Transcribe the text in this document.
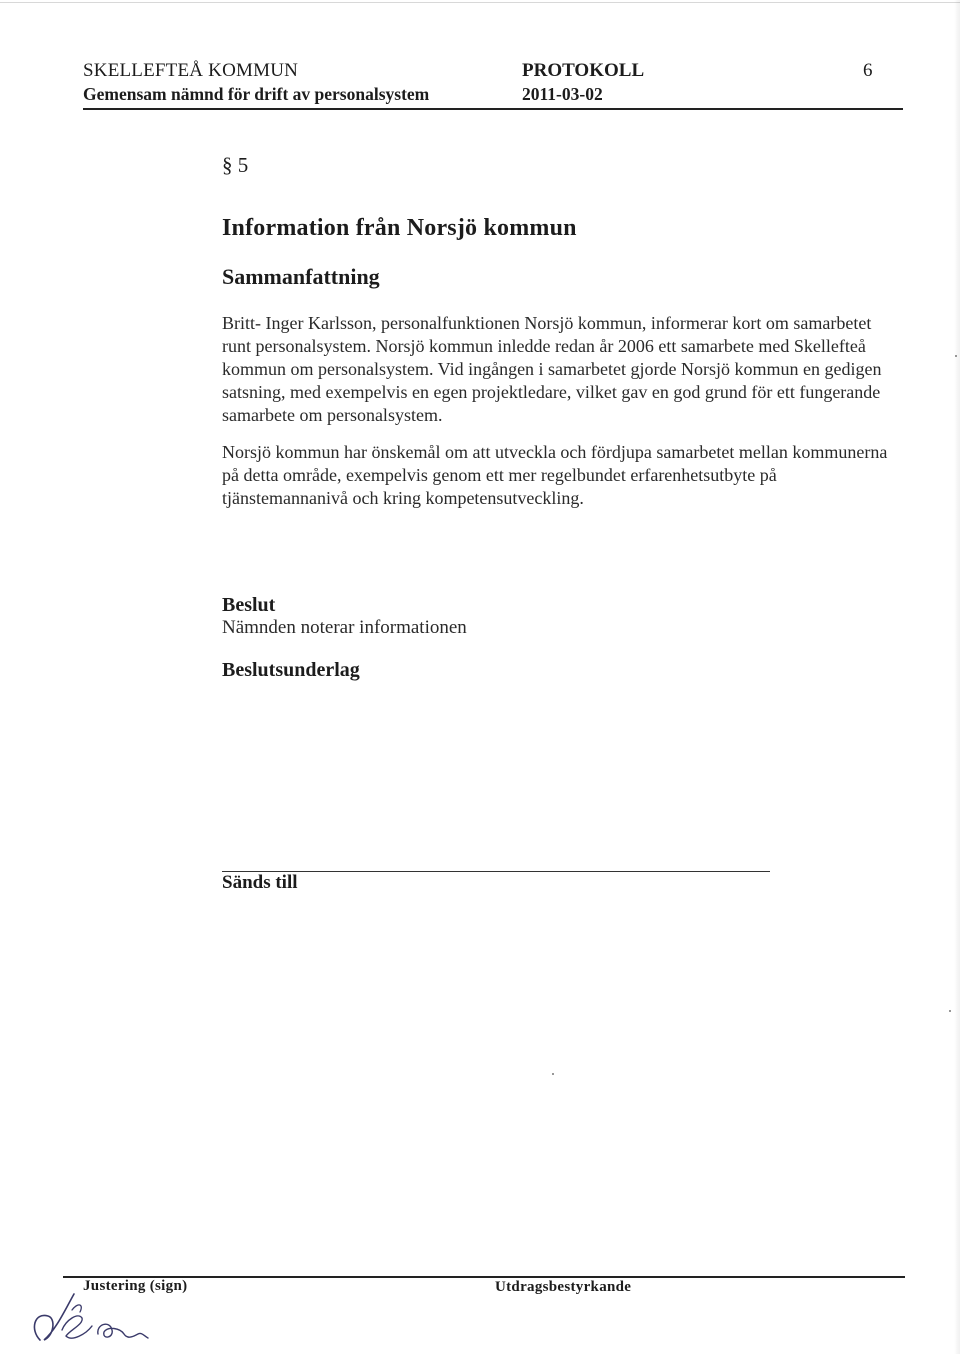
SKELLEFTEÅ KOMMUN
Gemensam nämnd för drift av personalsystem
PROTOKOLL
2011-03-02
6
§ 5
Information från Norsjö kommun
Sammanfattning
Britt- Inger Karlsson, personalfunktionen Norsjö kommun, informerar kort om samarbetet runt personalsystem. Norsjö kommun inledde redan år 2006 ett samarbete med Skellefteå kommun om personalsystem. Vid ingången i samarbetet gjorde Norsjö kommun en gedigen satsning, med exempelvis en egen projektledare, vilket gav en god grund för ett fungerande samarbete om personalsystem.
Norsjö kommun har önskemål om att utveckla och fördjupa samarbetet mellan kommunerna på detta område, exempelvis genom ett mer regelbundet erfarenhetsutbyte på tjänstemannanivå och kring kompetensutveckling.
Beslut
Nämnden noterar informationen
Beslutsunderlag
Sänds till
Justering (sign)	Utdragsbestyrkande
